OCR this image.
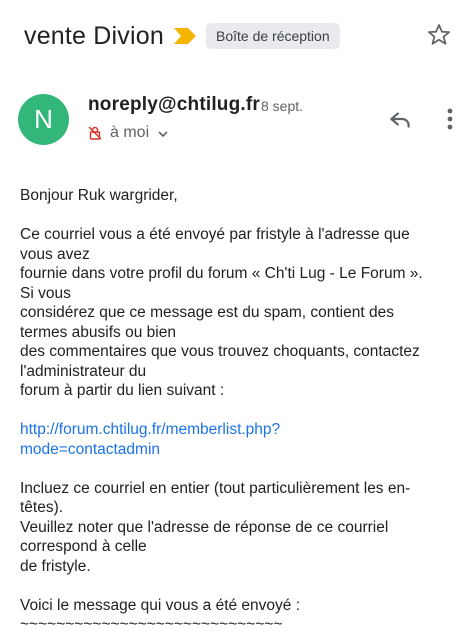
vente Divion	Boîte de réception
N	noreply@chtilug.fr 8 sept.
à moi

Bonjour Ruk wargrider,

Ce courriel vous a été envoyé par fristyle à l'adresse que
vous avez
fournie dans votre profil du forum « Ch'ti Lug - Le Forum ».
Si vous
considérez que ce message est du spam, contient des
termes abusifs ou bien
des commentaires que vous trouvez choquants, contactez
l'administrateur du
forum à partir du lien suivant :

http://forum.chtilug.fr/memberlist.php?
mode=contactadmin

Incluez ce courriel en entier (tout particulièrement les en-
têtes).
Veuillez noter que l'adresse de réponse de ce courriel
correspond à celle
de fristyle.

Voici le message qui vous a été envoyé :

~~~~~~~~~~~~~~~~~~~~~~~~~~~~~
